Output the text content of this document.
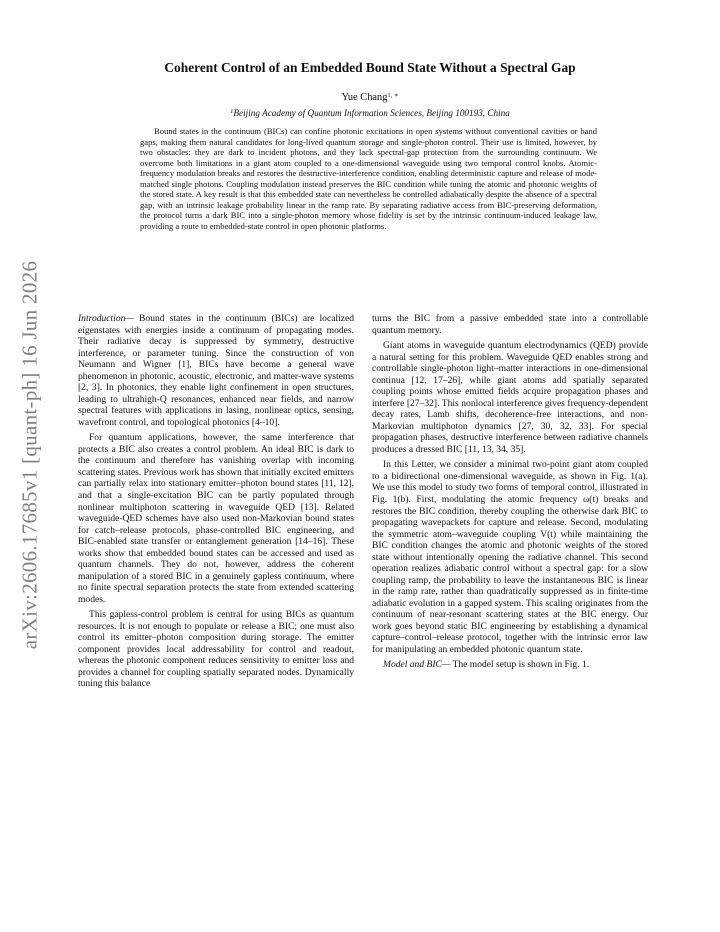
arXiv:2606.17685v1 [quant-ph] 16 Jun 2026
Coherent Control of an Embedded Bound State Without a Spectral Gap
Yue Chang$^{1, ∗}$
$^1$Beijing Academy of Quantum Information Sciences, Beijing 100193, China

Bound states in the continuum (BICs) can confine photonic excitations in open systems without conventional cavities or band gaps, making them natural candidates for long-lived quantum storage and single-photon control. Their use is limited, however, by two obstacles: they are dark to incident photons, and they lack spectral-gap protection from the surrounding continuum. We overcome both limitations in a giant atom coupled to a one-dimensional waveguide using two temporal control knobs. Atomic-frequency modulation breaks and restores the destructive-interference condition, enabling deterministic capture and release of mode-matched single photons. Coupling modulation instead preserves the BIC condition while tuning the atomic and photonic weights of the stored state. A key result is that this embedded state can nevertheless be controlled adiabatically despite the absence of a spectral gap, with an intrinsic leakage probability linear in the ramp rate. By separating radiative access from BIC-preserving deformation, the protocol turns a dark BIC into a single-photon memory whose fidelity is set by the intrinsic continuum-induced leakage law, providing a route to embedded-state control in open photonic platforms.

Introduction— Bound states in the continuum (BICs) are localized eigenstates with energies inside a continuum of propagating modes. Their radiative decay is suppressed by symmetry, destructive interference, or parameter tuning. Since the construction of von Neumann and Wigner [1], BICs have become a general wave phenomenon in photonic, acoustic, electronic, and matter-wave systems [2, 3]. In photonics, they enable light confinement in open structures, leading to ultrahigh-Q resonances, enhanced near fields, and narrow spectral features with applications in lasing, nonlinear optics, sensing, wavefront control, and topological photonics [4–10].

For quantum applications, however, the same interference that protects a BIC also creates a control problem. An ideal BIC is dark to the continuum and therefore has vanishing overlap with incoming scattering states. Previous work has shown that initially excited emitters can partially relax into stationary emitter–photon bound states [11, 12], and that a single-excitation BIC can be partly populated through nonlinear multiphoton scattering in waveguide QED [13]. Related waveguide-QED schemes have also used non-Markovian bound states for catch–release protocols, phase-controlled BIC engineering, and BIC-enabled state transfer or entanglement generation [14–16]. These works show that embedded bound states can be accessed and used as quantum channels. They do not, however, address the coherent manipulation of a stored BIC in a genuinely gapless continuum, where no finite spectral separation protects the state from extended scattering modes.

This gapless-control problem is central for using BICs as quantum resources. It is not enough to populate or release a BIC; one must also control its emitter–photon composition during storage. The emitter component provides local addressability for control and readout, whereas the photonic component reduces sensitivity to emitter loss and provides a channel for coupling spatially separated nodes. Dynamically tuning this balance

turns the BIC from a passive embedded state into a controllable quantum memory.

Giant atoms in waveguide quantum electrodynamics (QED) provide a natural setting for this problem. Waveguide QED enables strong and controllable single-photon light–matter interactions in one-dimensional continua [12, 17–26], while giant atoms add spatially separated coupling points whose emitted fields acquire propagation phases and interfere [27–32]. This nonlocal interference gives frequency-dependent decay rates, Lamb shifts, decoherence-free interactions, and non-Markovian multiphoton dynamics [27, 30, 32, 33]. For special propagation phases, destructive interference between radiative channels produces a dressed BIC [11, 13, 34, 35].

In this Letter, we consider a minimal two-point giant atom coupled to a bidirectional one-dimensional waveguide, as shown in Fig. 1(a). We use this model to study two forms of temporal control, illustrated in Fig. 1(b). First, modulating the atomic frequency ω(t) breaks and restores the BIC condition, thereby coupling the otherwise dark BIC to propagating wavepackets for capture and release. Second, modulating the symmetric atom–waveguide coupling V(t) while maintaining the BIC condition changes the atomic and photonic weights of the stored state without intentionally opening the radiative channel. This second operation realizes adiabatic control without a spectral gap: for a slow coupling ramp, the probability to leave the instantaneous BIC is linear in the ramp rate, rather than quadratically suppressed as in finite-time adiabatic evolution in a gapped system. This scaling originates from the continuum of near-resonant scattering states at the BIC energy. Our work goes beyond static BIC engineering by establishing a dynamical capture–control–release protocol, together with the intrinsic error law for manipulating an embedded photonic quantum state.

Model and BIC— The model setup is shown in Fig. 1.
